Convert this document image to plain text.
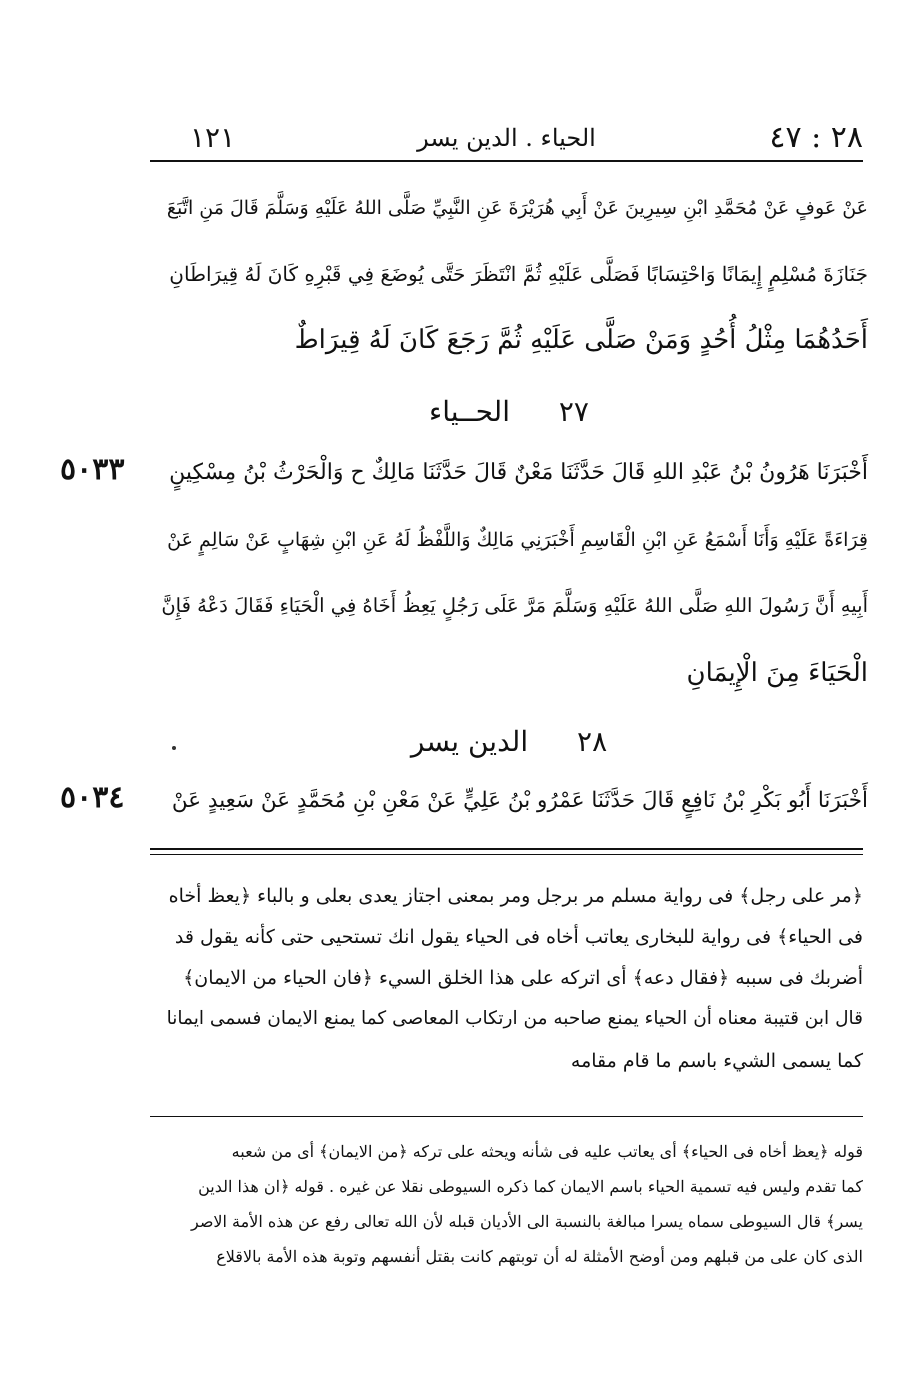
١٢١	الحياء . الدين يسر	٢٨ : ٤٧
عَنْ عَوفٍ عَنْ مُحَمَّدِ ابْنِ سِيرِينَ عَنْ أَبِي هُرَيْرَةَ عَنِ النَّبِيِّ صَلَّى اللهُ عَلَيْهِ وَسَلَّمَ قَالَ مَنِ اتَّبَعَ
جَنَازَةَ مُسْلِمٍ إِيمَانًا وَاحْتِسَابًا فَصَلَّى عَلَيْهِ ثُمَّ انْتَظَرَ حَتَّى يُوضَعَ فِي قَبْرِهِ كَانَ لَهُ قِيرَاطَانِ
أَحَدُهُمَا مِثْلُ أُحُدٍ وَمَنْ صَلَّى عَلَيْهِ ثُمَّ رَجَعَ كَانَ لَهُ قِيرَاطٌ
٢٧ الحــياء
٥٠٣٣	أَخْبَرَنَا هَرُونُ بْنُ عَبْدِ اللهِ قَالَ حَدَّثَنَا مَعْنٌ قَالَ حَدَّثَنَا مَالِكٌ ح وَالْحَرْثُ بْنُ مِسْكِينٍ
قِرَاءَةً عَلَيْهِ وَأَنَا أَسْمَعُ عَنِ ابْنِ الْقَاسِمِ أَخْبَرَنِي مَالِكٌ وَاللَّفْظُ لَهُ عَنِ ابْنِ شِهَابٍ عَنْ سَالِمٍ عَنْ
أَبِيهِ أَنَّ رَسُولَ اللهِ صَلَّى اللهُ عَلَيْهِ وَسَلَّمَ مَرَّ عَلَى رَجُلٍ يَعِظُ أَخَاهُ فِي الْحَيَاءِ فَقَالَ دَعْهُ فَإِنَّ
الْحَيَاءَ مِنَ الْإِيمَانِ
٢٨ الدين يسر
٥٠٣٤	أَخْبَرَنَا أَبُو بَكْرِ بْنُ نَافِعٍ قَالَ حَدَّثَنَا عَمْرُو بْنُ عَلِيٍّ عَنْ مَعْنِ بْنِ مُحَمَّدٍ عَنْ سَعِيدٍ عَنْ
﴿مر على رجل﴾ فى رواية مسلم مر برجل ومر بمعنى اجتاز يعدى بعلى و بالباء ﴿يعظ أخاه
فى الحياء﴾ فى رواية للبخارى يعاتب أخاه فى الحياء يقول انك تستحيى حتى كأنه يقول قد
أضربك فى سببه ﴿فقال دعه﴾ أى اتركه على هذا الخلق السيء ﴿فان الحياء من الايمان﴾
قال ابن قتيبة معناه أن الحياء يمنع صاحبه من ارتكاب المعاصى كما يمنع الايمان فسمى ايمانا
كما يسمى الشيء باسم ما قام مقامه
قوله ﴿يعظ أخاه فى الحياء﴾ أى يعاتب عليه فى شأنه ويحثه على تركه ﴿من الايمان﴾ أى من شعبه
كما تقدم وليس فيه تسمية الحياء باسم الايمان كما ذكره السيوطى نقلا عن غيره . قوله ﴿ان هذا الدين
يسر﴾ قال السيوطى سماه يسرا مبالغة بالنسبة الى الأديان قبله لأن الله تعالى رفع عن هذه الأمة الاصر
الذى كان على من قبلهم ومن أوضح الأمثلة له أن توبتهم كانت بقتل أنفسهم وتوبة هذه الأمة بالاقلاع
